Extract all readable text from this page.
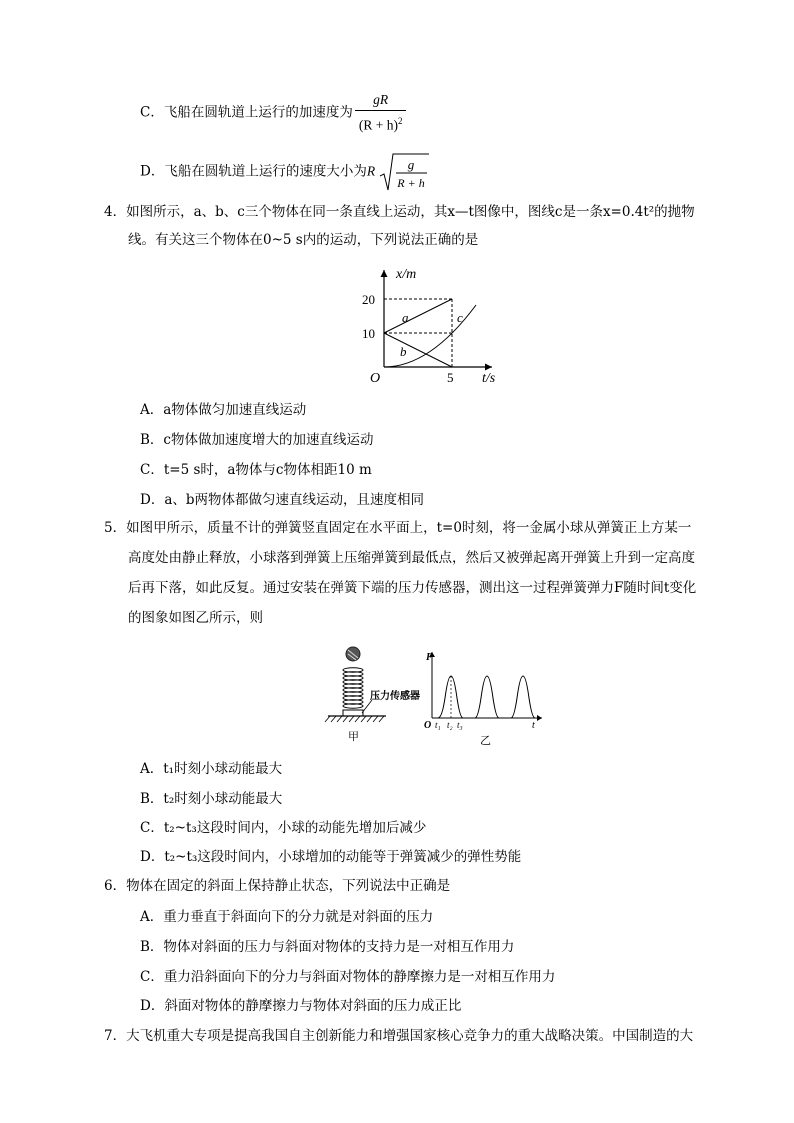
C．飞船在圆轨道上运行的加速度为 $\frac{gR}{(R + h)^2}$
D．飞船在圆轨道上运行的速度大小为R	g
R + h
4．如图所示，a、b、c三个物体在同一条直线上运动，其x—t图像中，图线c是一条x=0.4t²的抛物
线。有关这三个物体在0~5 s内的运动，下列说法正确的是
x/m
20
10
O	5 t/s
a
b
c
A．a物体做匀加速直线运动
B．c物体做加速度增大的加速直线运动
C．t=5 s时，a物体与c物体相距10 m
D．a、b两物体都做匀速直线运动，且速度相同
5．如图甲所示，质量不计的弹簧竖直固定在水平面上，t=0时刻，将一金属小球从弹簧正上方某一
高度处由静止释放，小球落到弹簧上压缩弹簧到最低点，然后又被弹起离开弹簧上升到一定高度
后再下落，如此反复。通过安装在弹簧下端的压力传感器，测出这一过程弹簧弹力F随时间t变化
的图象如图乙所示，则
压力传感器
甲
F
O t₁ t₂ t₃	t
乙
A．t₁时刻小球动能最大
B．t₂时刻小球动能最大
C．t₂~t₃这段时间内，小球的动能先增加后减少
D．t₂~t₃这段时间内，小球增加的动能等于弹簧减少的弹性势能
6．物体在固定的斜面上保持静止状态，下列说法中正确是
A．重力垂直于斜面向下的分力就是对斜面的压力
B．物体对斜面的压力与斜面对物体的支持力是一对相互作用力
C．重力沿斜面向下的分力与斜面对物体的静摩擦力是一对相互作用力
D．斜面对物体的静摩擦力与物体对斜面的压力成正比
7．大飞机重大专项是提高我国自主创新能力和增强国家核心竞争力的重大战略决策。中国制造的大
